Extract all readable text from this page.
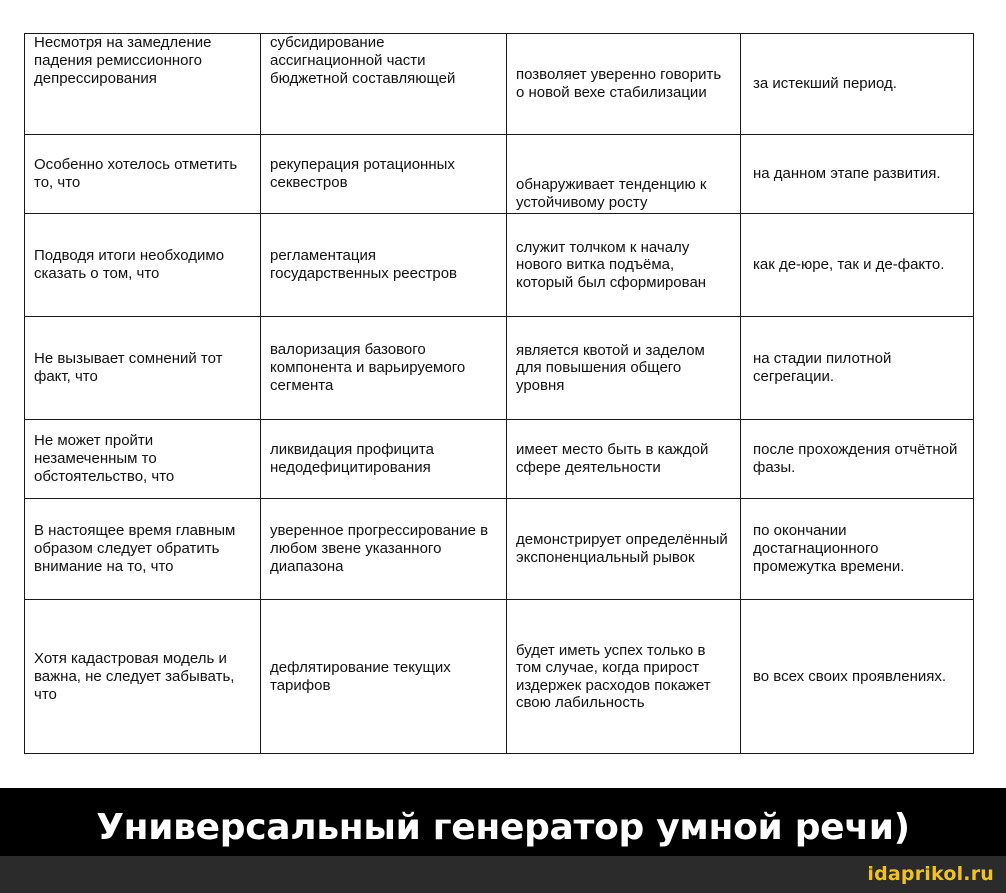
Несмотря на замедление падения ремиссионного депрессирования	субсидирование ассигнационной части бюджетной составляющей	позволяет уверенно говорить о новой вехе стабилизации	за истекший период.
Особенно хотелось отметить то, что	рекуперация ротационных секвестров	обнаруживает тенденцию к устойчивому росту	на данном этапе развития.
Подводя итоги необходимо сказать о том, что	регламентация государственных реестров	служит толчком к началу нового витка подъёма, который был сформирован	как де-юре, так и де-факто.
Не вызывает сомнений тот факт, что	валоризация базового компонента и варьируемого сегмента	является квотой и заделом для повышения общего уровня	на стадии пилотной сегрегации.
Не может пройти незамеченным то обстоятельство, что	ликвидация профицита недодефицитирования	имеет место быть в каждой сфере деятельности	после прохождения отчётной фазы.
В настоящее время главным образом следует обратить внимание на то, что	уверенное прогрессирование в любом звене указанного диапазона	демонстрирует определённый экспоненциальный рывок	по окончании достагнационного промежутка времени.
Хотя кадастровая модель и важна, не следует забывать, что	дефлятирование текущих тарифов	будет иметь успех только в том случае, когда прирост издержек расходов покажет свою лабильность	во всех своих проявлениях.
Универсальный генератор умной речи)
idaprikol.ru
